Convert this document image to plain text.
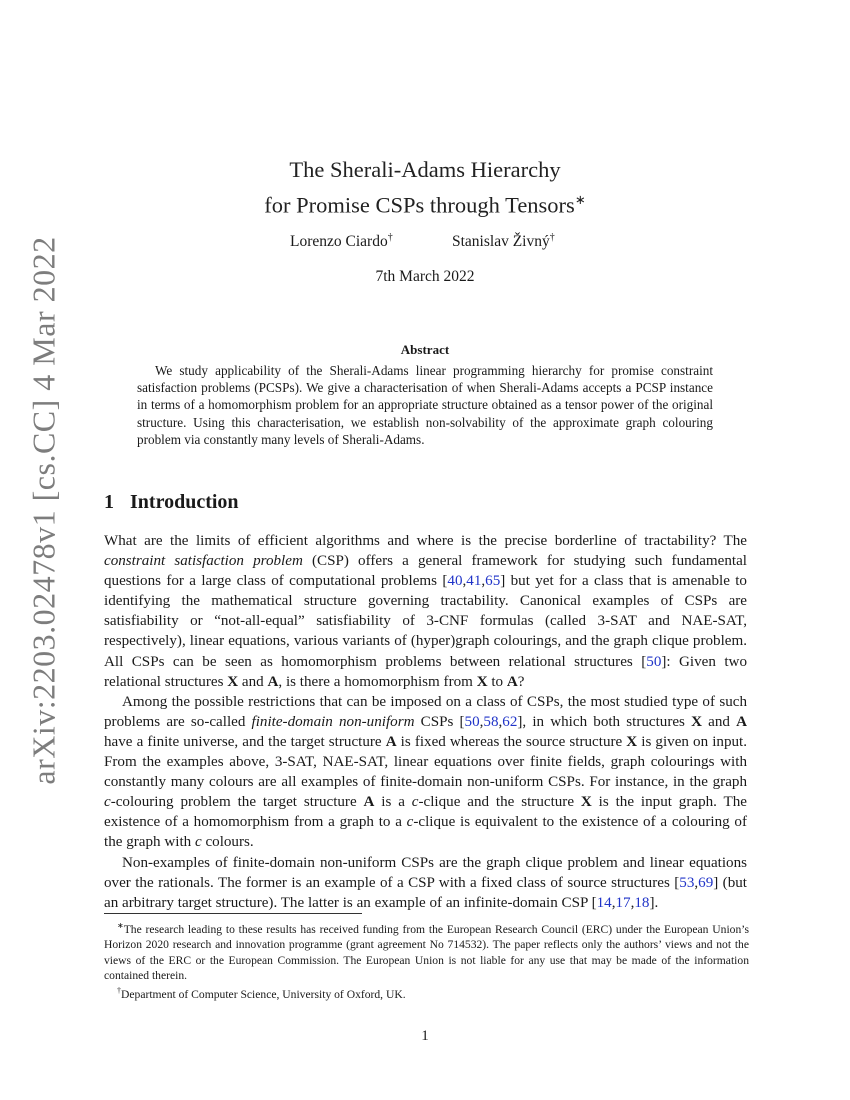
arXiv:2203.02478v1 [cs.CC] 4 Mar 2022
The Sherali-Adams Hierarchy
for Promise CSPs through Tensors∗
Lorenzo Ciardo†	Stanislav Živný†
7th March 2022
Abstract

We study applicability of the Sherali-Adams linear programming hierarchy for promise constraint satisfaction problems (PCSPs). We give a characterisation of when Sherali-Adams accepts a PCSP instance in terms of a homomorphism problem for an appropriate structure obtained as a tensor power of the original structure. Using this characterisation, we establish non-solvability of the approximate graph colouring problem via constantly many levels of Sherali-Adams.

1 Introduction

What are the limits of efficient algorithms and where is the precise borderline of tractability? The constraint satisfaction problem (CSP) offers a general framework for studying such fundamental questions for a large class of computational problems [40,41,65] but yet for a class that is amenable to identifying the mathematical structure governing tractability. Canonical examples of CSPs are satisfiability or “not-all-equal” satisfiability of 3-CNF formulas (called 3-SAT and NAE-SAT, respectively), linear equations, various variants of (hyper)graph colourings, and the graph clique problem. All CSPs can be seen as homomorphism problems between relational structures [50]: Given two relational structures X and A, is there a homomorphism from X to A?

Among the possible restrictions that can be imposed on a class of CSPs, the most studied type of such problems are so-called finite-domain non-uniform CSPs [50,58,62], in which both structures X and A have a finite universe, and the target structure A is fixed whereas the source structure X is given on input. From the examples above, 3-SAT, NAE-SAT, linear equations over finite fields, graph colourings with constantly many colours are all examples of finite-domain non-uniform CSPs. For instance, in the graph c-colouring problem the target structure A is a c-clique and the structure X is the input graph. The existence of a homomorphism from a graph to a c-clique is equivalent to the existence of a colouring of the graph with c colours.

Non-examples of finite-domain non-uniform CSPs are the graph clique problem and linear equations over the rationals. The former is an example of a CSP with a fixed class of source structures [53,69] (but an arbitrary target structure). The latter is an example of an infinite-domain CSP [14,17,18].

∗The research leading to these results has received funding from the European Research Council (ERC) under the European Union’s Horizon 2020 research and innovation programme (grant agreement No 714532). The paper reflects only the authors’ views and not the views of the ERC or the European Commission. The European Union is not liable for any use that may be made of the information contained therein.

†Department of Computer Science, University of Oxford, UK.

1
